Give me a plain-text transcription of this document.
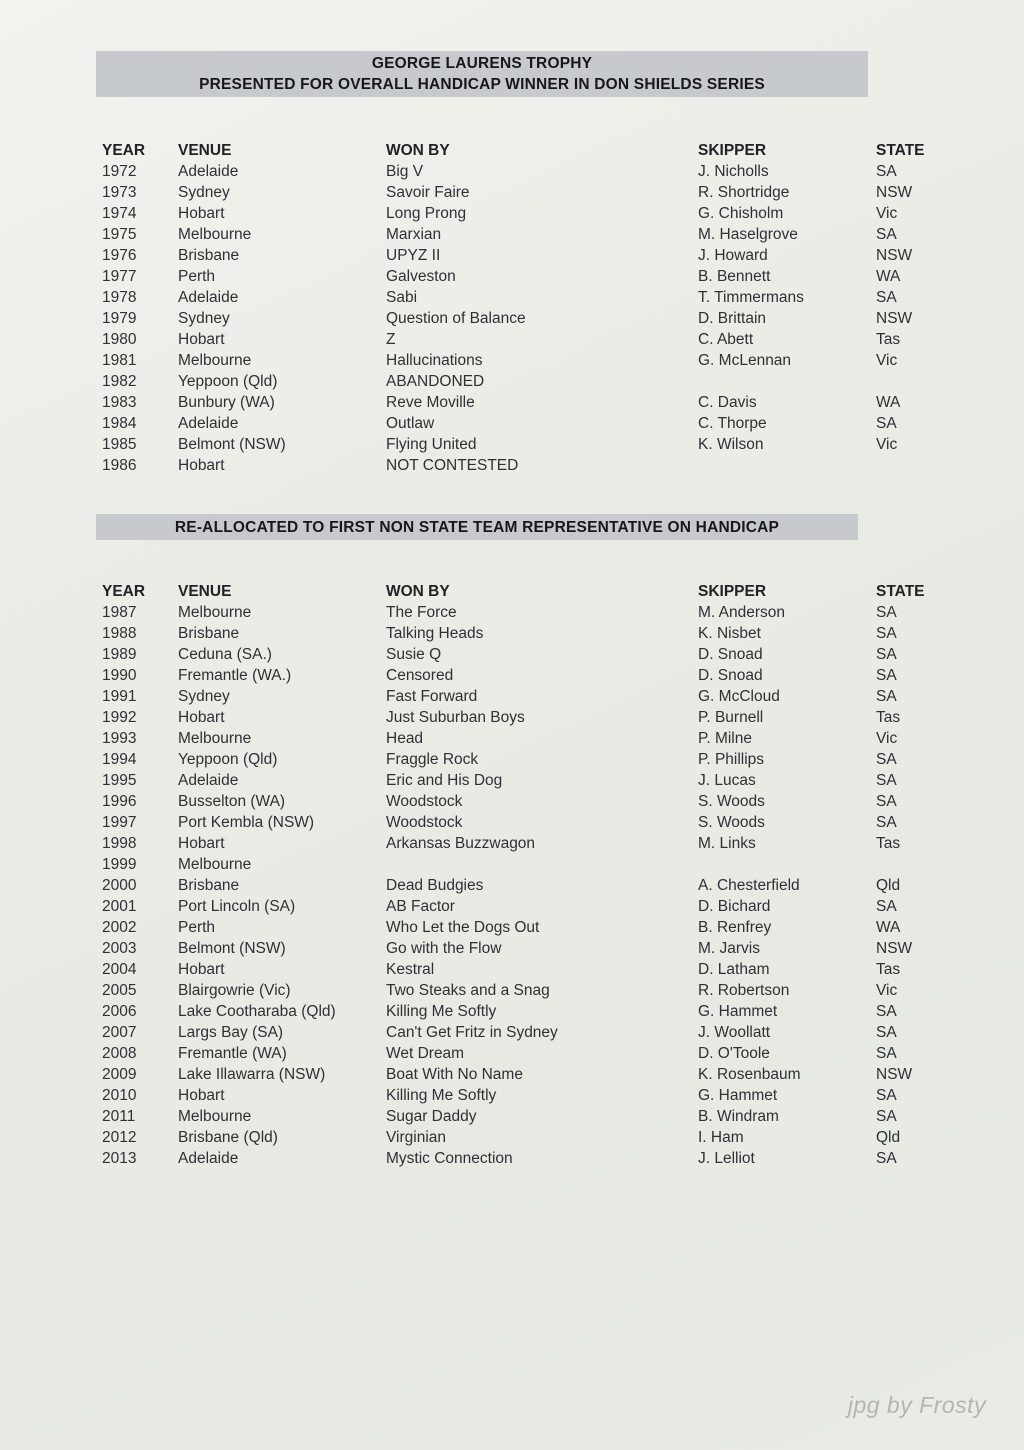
GEORGE LAURENS TROPHY
PRESENTED FOR OVERALL HANDICAP WINNER IN DON SHIELDS SERIES
YEAR	VENUE	WON BY	SKIPPER	STATE
1972	Adelaide	Big V	J. Nicholls	SA
1973	Sydney	Savoir Faire	R. Shortridge	NSW
1974	Hobart	Long Prong	G. Chisholm	Vic
1975	Melbourne	Marxian	M. Haselgrove	SA
1976	Brisbane	UPYZ II	J. Howard	NSW
1977	Perth	Galveston	B. Bennett	WA
1978	Adelaide	Sabi	T. Timmermans	SA
1979	Sydney	Question of Balance	D. Brittain	NSW
1980	Hobart	Z	C. Abett	Tas
1981	Melbourne	Hallucinations	G. McLennan	Vic
1982	Yeppoon (Qld)	ABANDONED
1983	Bunbury (WA)	Reve Moville	C. Davis	WA
1984	Adelaide	Outlaw	C. Thorpe	SA
1985	Belmont (NSW)	Flying United	K. Wilson	Vic
1986	Hobart	NOT CONTESTED
RE-ALLOCATED TO FIRST NON STATE TEAM REPRESENTATIVE ON HANDICAP
YEAR	VENUE	WON BY	SKIPPER	STATE
1987	Melbourne	The Force	M. Anderson	SA
1988	Brisbane	Talking Heads	K. Nisbet	SA
1989	Ceduna (SA.)	Susie Q	D. Snoad	SA
1990	Fremantle (WA.)	Censored	D. Snoad	SA
1991	Sydney	Fast Forward	G. McCloud	SA
1992	Hobart	Just Suburban Boys	P. Burnell	Tas
1993	Melbourne	Head	P. Milne	Vic
1994	Yeppoon (Qld)	Fraggle Rock	P. Phillips	SA
1995	Adelaide	Eric and His Dog	J. Lucas	SA
1996	Busselton (WA)	Woodstock	S. Woods	SA
1997	Port Kembla (NSW)	Woodstock	S. Woods	SA
1998	Hobart	Arkansas Buzzwagon	M. Links	Tas
1999	Melbourne
2000	Brisbane	Dead Budgies	A. Chesterfield	Qld
2001	Port Lincoln (SA)	AB Factor	D. Bichard	SA
2002	Perth	Who Let the Dogs Out	B. Renfrey	WA
2003	Belmont (NSW)	Go with the Flow	M. Jarvis	NSW
2004	Hobart	Kestral	D. Latham	Tas
2005	Blairgowrie (Vic)	Two Steaks and a Snag	R. Robertson	Vic
2006	Lake Cootharaba (Qld)	Killing Me Softly	G. Hammet	SA
2007	Largs Bay (SA)	Can't Get Fritz in Sydney	J. Woollatt	SA
2008	Fremantle (WA)	Wet Dream	D. O'Toole	SA
2009	Lake Illawarra (NSW)	Boat With No Name	K. Rosenbaum	NSW
2010	Hobart	Killing Me Softly	G. Hammet	SA
2011	Melbourne	Sugar Daddy	B. Windram	SA
2012	Brisbane (Qld)	Virginian	I. Ham	Qld
2013	Adelaide	Mystic Connection	J. Lelliot	SA
jpg by Frosty
